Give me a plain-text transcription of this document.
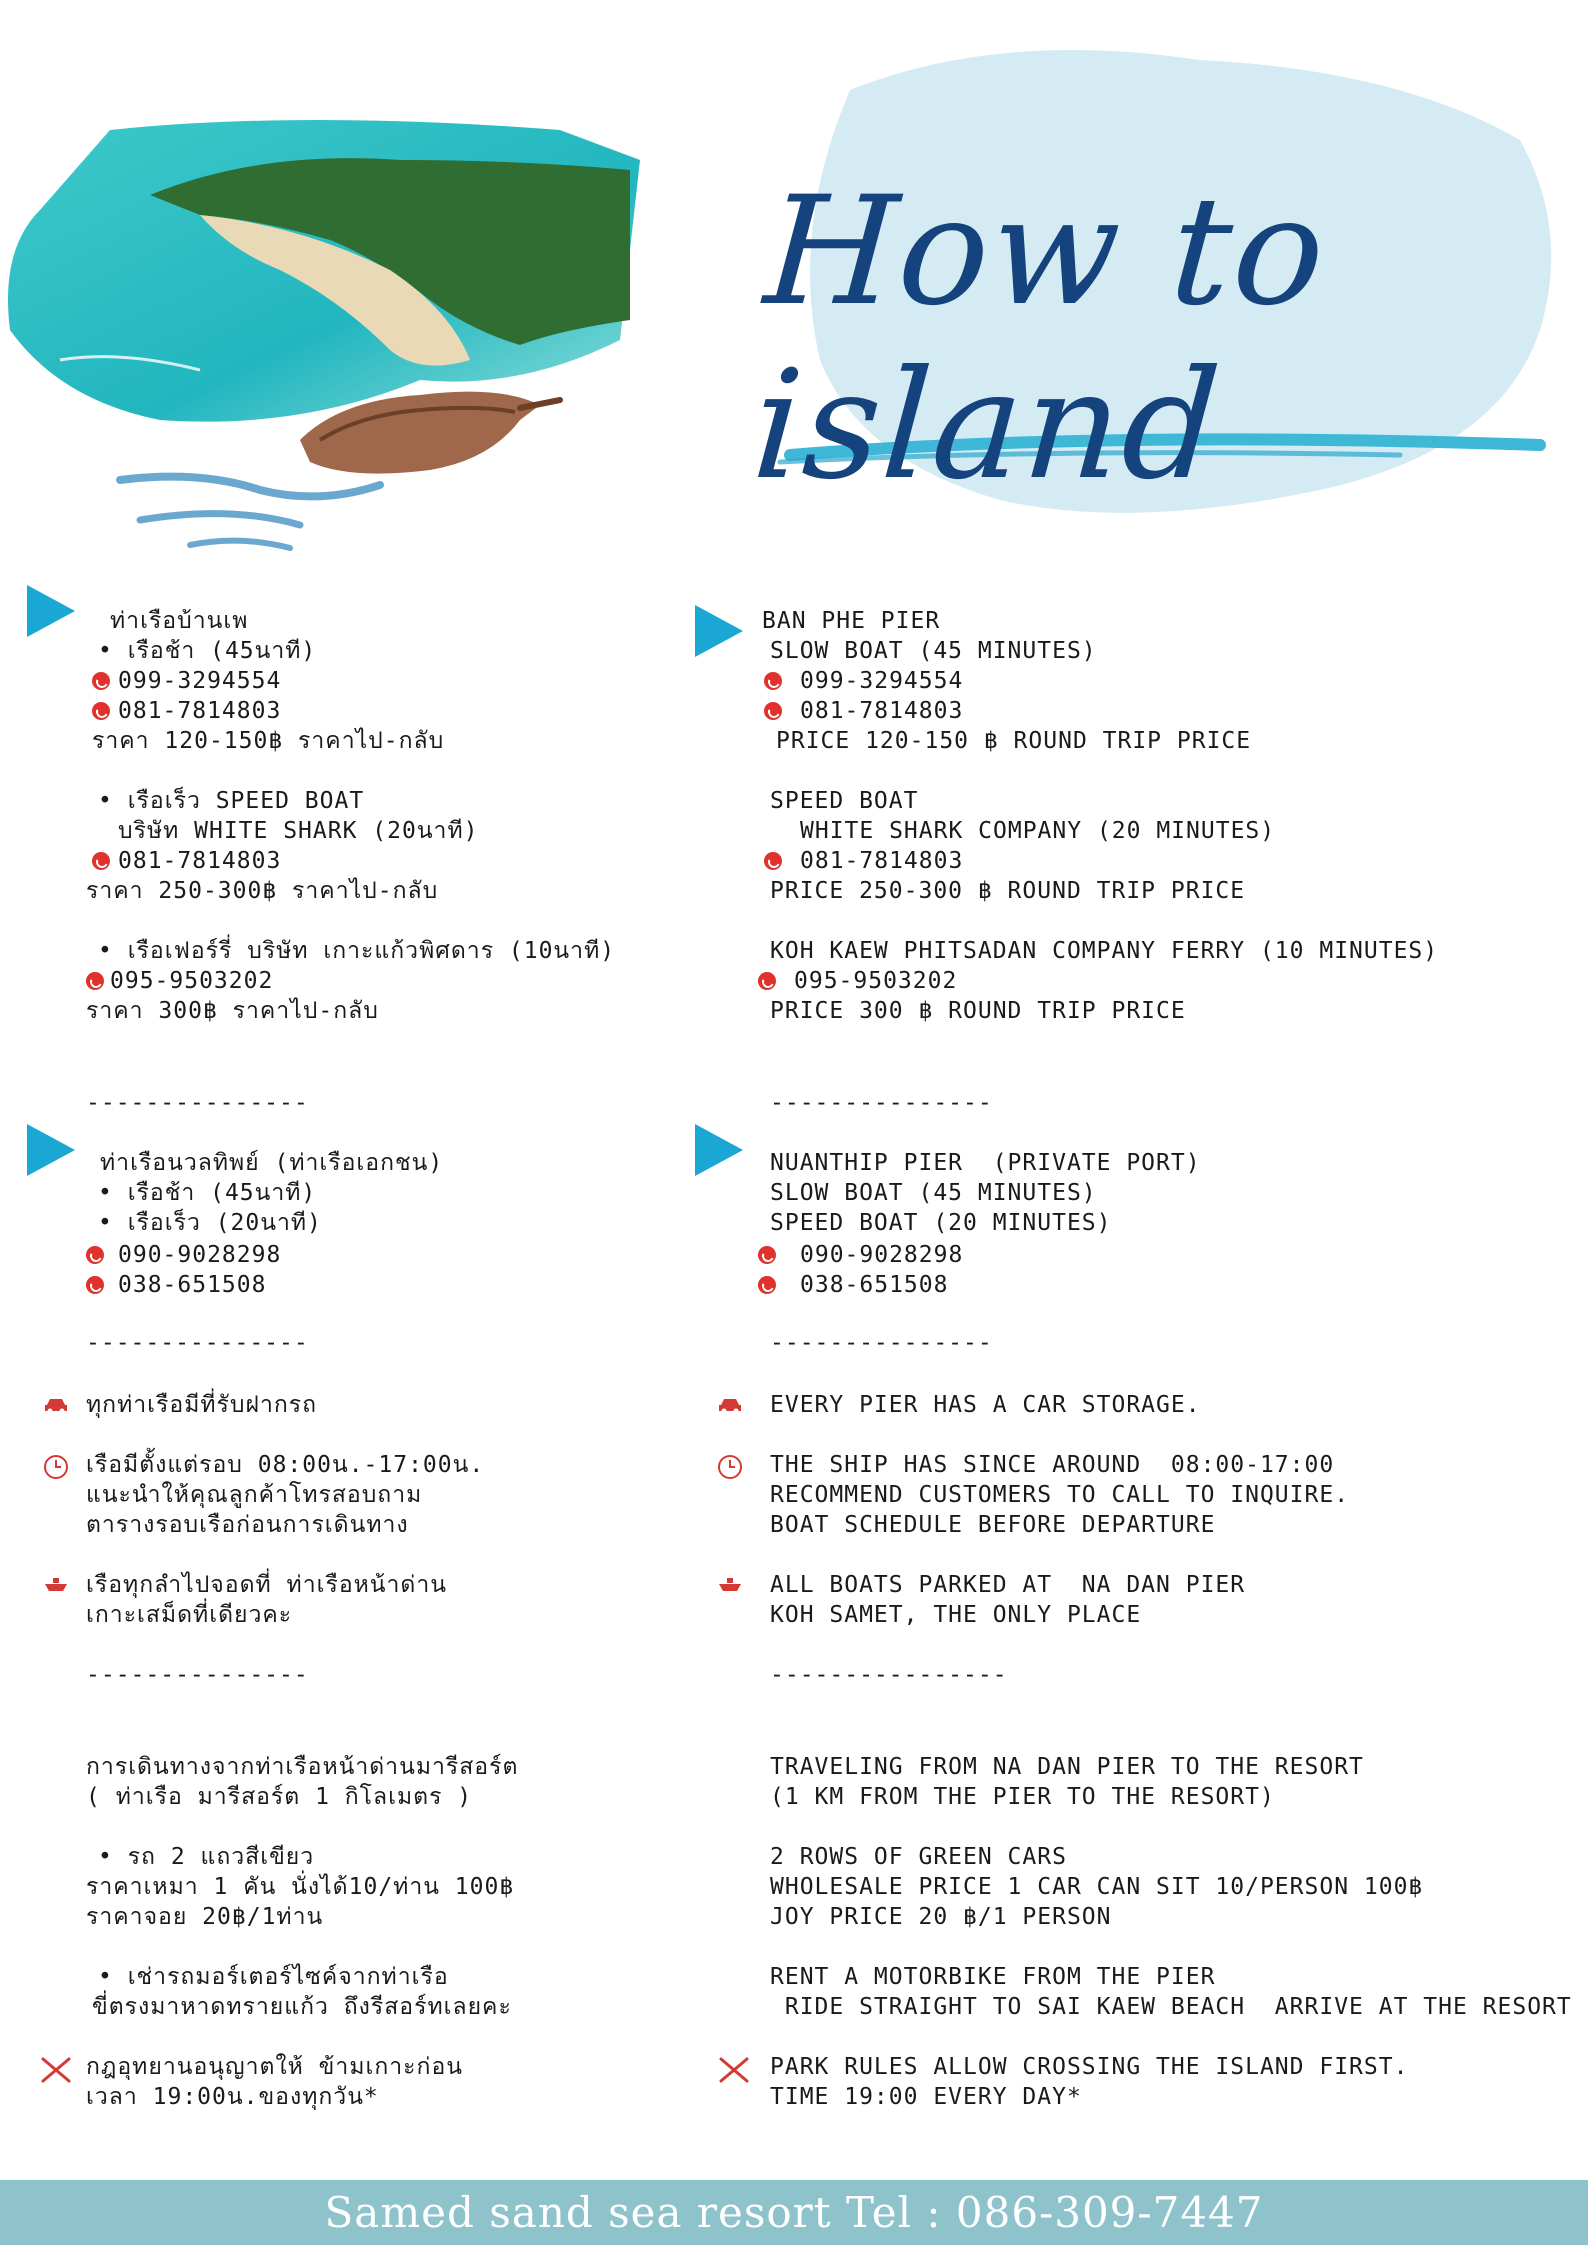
How to island
ท่าเรือบ้านเพ
• เรือช้า (45นาที)
099-3294554
081-7814803
ราคา 120-150฿ ราคาไป-กลับ
• เรือเร็ว SPEED BOAT
บริษัท WHITE SHARK (20นาที)
081-7814803
ราคา 250-300฿ ราคาไป-กลับ
• เรือเฟอร์รี่ บริษัท เกาะแก้วพิศดาร (10นาที)
095-9503202
ราคา 300฿ ราคาไป-กลับ
---------------
ท่าเรือนวลทิพย์ (ท่าเรือเอกชน)
• เรือช้า (45นาที)
• เรือเร็ว (20นาที)
090-9028298
038-651508
---------------
ทุกท่าเรือมีที่รับฝากรถ
เรือมีตั้งแต่รอบ 08:00น.-17:00น.
แนะนำให้คุณลูกค้าโทรสอบถาม
ตารางรอบเรือก่อนการเดินทาง
เรือทุกลำไปจอดที่ ท่าเรือหน้าด่าน
เกาะเสม็ดที่เดียวคะ
---------------
การเดินทางจากท่าเรือหน้าด่านมารีสอร์ต
( ท่าเรือ มารีสอร์ต 1 กิโลเมตร )
• รถ 2 แถวสีเขียว
ราคาเหมา 1 คัน นั่งได้10/ท่าน 100฿
ราคาจอย 20฿/1ท่าน
• เช่ารถมอร์เตอร์ไซค์จากท่าเรือ
ขี่ตรงมาหาดทรายแก้ว ถึงรีสอร์ทเลยคะ
กฎอุทยานอนุญาตให้ ข้ามเกาะก่อน
เวลา 19:00น.ของทุกวัน*
BAN PHE PIER
SLOW BOAT (45 MINUTES)
099-3294554
081-7814803
PRICE 120-150 ฿ ROUND TRIP PRICE
SPEED BOAT
WHITE SHARK COMPANY (20 MINUTES)
081-7814803
PRICE 250-300 ฿ ROUND TRIP PRICE
KOH KAEW PHITSADAN COMPANY FERRY (10 MINUTES)
095-9503202
PRICE 300 ฿ ROUND TRIP PRICE
---------------
NUANTHIP PIER  (PRIVATE PORT)
SLOW BOAT (45 MINUTES)
SPEED BOAT (20 MINUTES)
090-9028298
038-651508
---------------
EVERY PIER HAS A CAR STORAGE.
THE SHIP HAS SINCE AROUND  08:00-17:00
RECOMMEND CUSTOMERS TO CALL TO INQUIRE.
BOAT SCHEDULE BEFORE DEPARTURE
ALL BOATS PARKED AT  NA DAN PIER
KOH SAMET, THE ONLY PLACE
----------------
TRAVELING FROM NA DAN PIER TO THE RESORT
(1 KM FROM THE PIER TO THE RESORT)
2 ROWS OF GREEN CARS
WHOLESALE PRICE 1 CAR CAN SIT 10/PERSON 100฿
JOY PRICE 20 ฿/1 PERSON
RENT A MOTORBIKE FROM THE PIER
RIDE STRAIGHT TO SAI KAEW BEACH  ARRIVE AT THE RESORT
PARK RULES ALLOW CROSSING THE ISLAND FIRST.
TIME 19:00 EVERY DAY*
Samed sand sea resort Tel : 086-309-7447
